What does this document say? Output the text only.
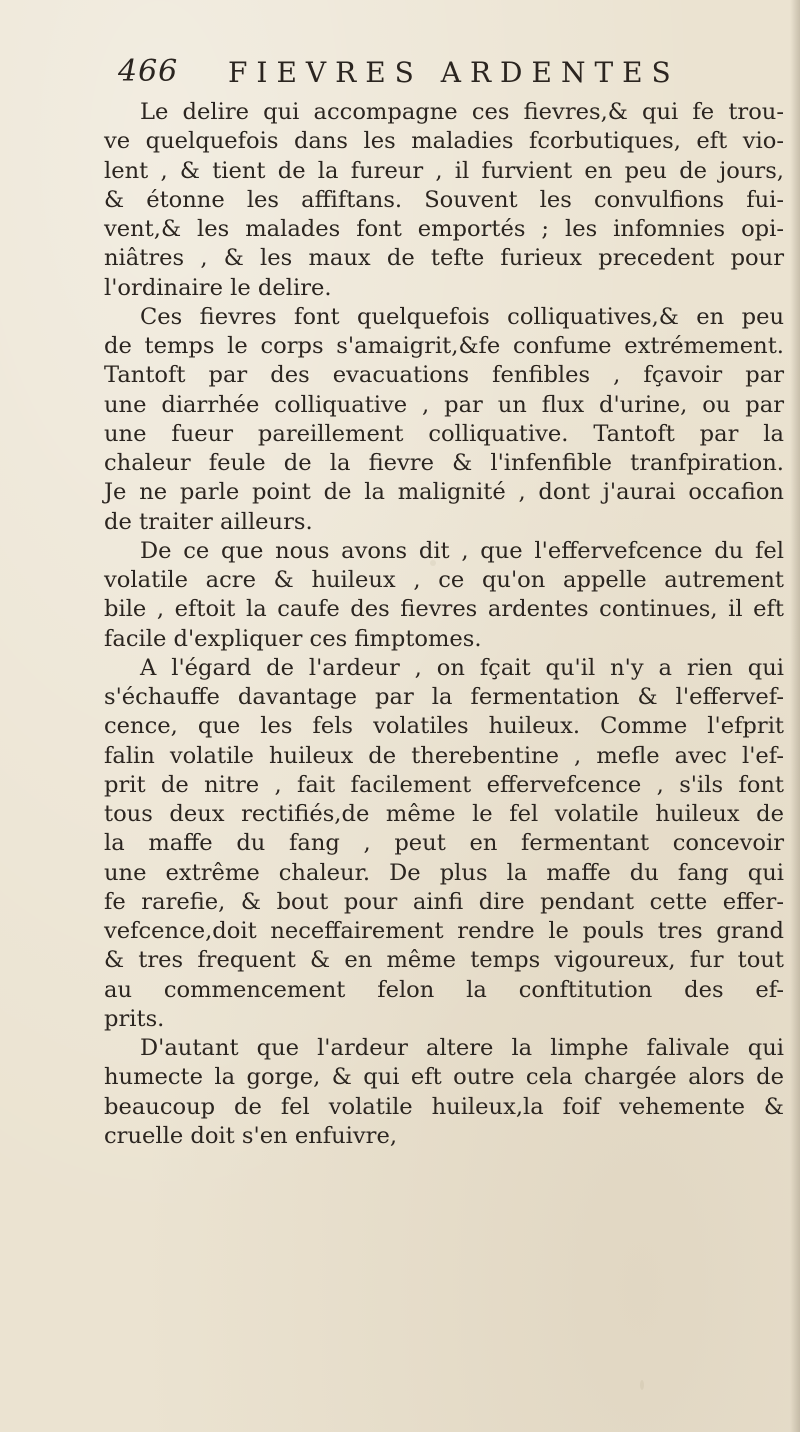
466 FIEVRES ARDENTES

Le delire qui accompagne ces fievres,& qui fe trou-
ve quelquefois dans les maladies fcorbutiques, eft vio-
lent , & tient de la fureur , il furvient en peu de jours,
& étonne les affiftans. Souvent les convulfions fui-
vent,& les malades font emportés ; les infomnies opi-
niâtres , & les maux de tefte furieux precedent pour
l'ordinaire le delire.

Ces fievres font quelquefois colliquatives,& en peu
de temps le corps s'amaigrit,&fe confume extrémement.
Tantoft par des evacuations fenfibles , fçavoir par
une diarrhée colliquative , par un flux d'urine, ou par
une fueur pareillement colliquative. Tantoft par la
chaleur feule de la fievre & l'infenfible tranfpiration.
Je ne parle point de la malignité , dont j'aurai occafion
de traiter ailleurs.

De ce que nous avons dit , que l'effervefcence du fel
volatile acre & huileux , ce qu'on appelle autrement
bile , eftoit la caufe des fievres ardentes continues, il eft
facile d'expliquer ces fimptomes.

A l'égard de l'ardeur , on fçait qu'il n'y a rien qui
s'échauffe davantage par la fermentation & l'effervef-
cence, que les fels volatiles huileux. Comme l'efprit
falin volatile huileux de therebentine , mefle avec l'ef-
prit de nitre , fait facilement effervefcence , s'ils font
tous deux rectifiés,de même le fel volatile huileux de
la maffe du fang , peut en fermentant concevoir
une extrême chaleur. De plus la maffe du fang qui
fe rarefie, & bout pour ainfi dire pendant cette effer-
vefcence,doit neceffairement rendre le pouls tres grand
& tres frequent & en même temps vigoureux, fur tout
au commencement felon la conftitution des ef-
prits.

D'autant que l'ardeur altere la limphe falivale qui
humecte la gorge, & qui eft outre cela chargée alors de
beaucoup de fel volatile huileux,la foif vehemente &
cruelle doit s'en enfuivre,
